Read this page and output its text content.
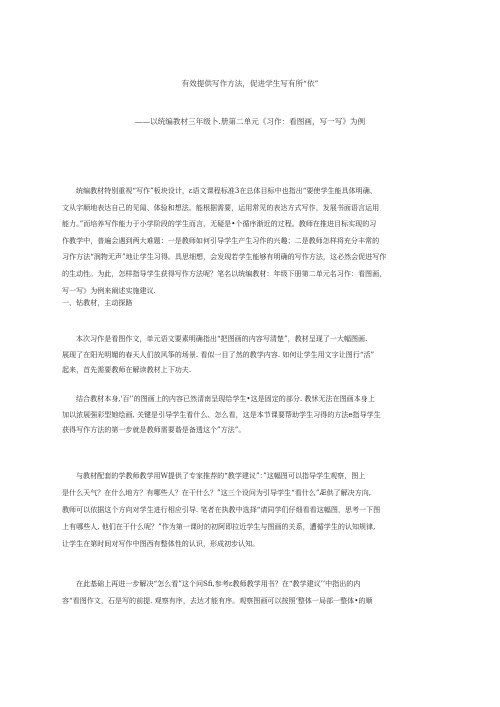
有效提供写作方法，促进学生写有所“依”
——以统编教材三年级卜.册第二单元《习作：看图画，写一写》为例
统编教材特别重视“写作”板块设计，ε语文课程标准3在总体目标中也指出“要使学生能具体明确、
文从字顺地表达自己的见闻、体验和想法。能根据需要，运用常见的表达方式写作，发展书面语言运用
能力。”而培养写作能力于小学阶段的学生而言，无疑是•个循序渐近的过程。教师在推进目标实现的习
作教学中，普遍会遇到两大难题：一是教师如何引导学生产生习作的兴趣；二是教师怎样将充分丰常的
习作方法“润物无声”地让学生习得。具思细想，会发现若学生能够有明确的写作方法，这必然会促进写作
的生动性。为此，怎样指导学生获得写作方法呢？笔名以统编教材：年级下册第二单元名习作：看图画，
写一写》为例来阐述实施建议.
一、钻教材，主动探路
本次习作是看图作文，单元语文要素明确指出“把图画的内容写清楚”，教材呈现了一大幅图画.
展现了在阳光明媚的春天人们放风筝的场景. 看似一目了然的教学内容. 如何让学生用文字让图行“活”
起来，首先需要教师在解读教材上下功夫.
结合教材本身,'百'’的图画上的内容已然清南呈现给学生•这是固定的部分. 教怵无法在图画本身上
加以浓展强彩型她绘画, 关键是引导学生看什么、怎么看，这是本节课要帮助学生习得的方法e指导学生
获得写作方法的第一步就是教师需要谐是备透这个”方法”。
与教材配套的学教师教学用W提供了专家推荐的“教学建议”：”这幅图可以指导学生观察，图上
是什么天气？在什么地方？有哪些人？在干什么？”这三个设问为引导学生“看什么”Æ供了解决方向,
教师可以依据这个方向对学生进行相应引导. 笔者在执教中选择“请同学们仔细看看这幅图，思考一下图
上有哪些人, 他们在干什么呢？”作为第一课时的初阿即拉近学生与图画的关系，遭循学生的认知规律,
让学生在第时间对写作中图西有整体性的认识，形成初步认知。
在此基础上再进一步解决“怎么看”这个问Sfi,参考ε教师教学用书？在“教学建议’’中指出的内
容“看图作文，石是写的前提. 观察有序，去达才能有序。观察图画可以按照‘整体一局部一整体•的顺
